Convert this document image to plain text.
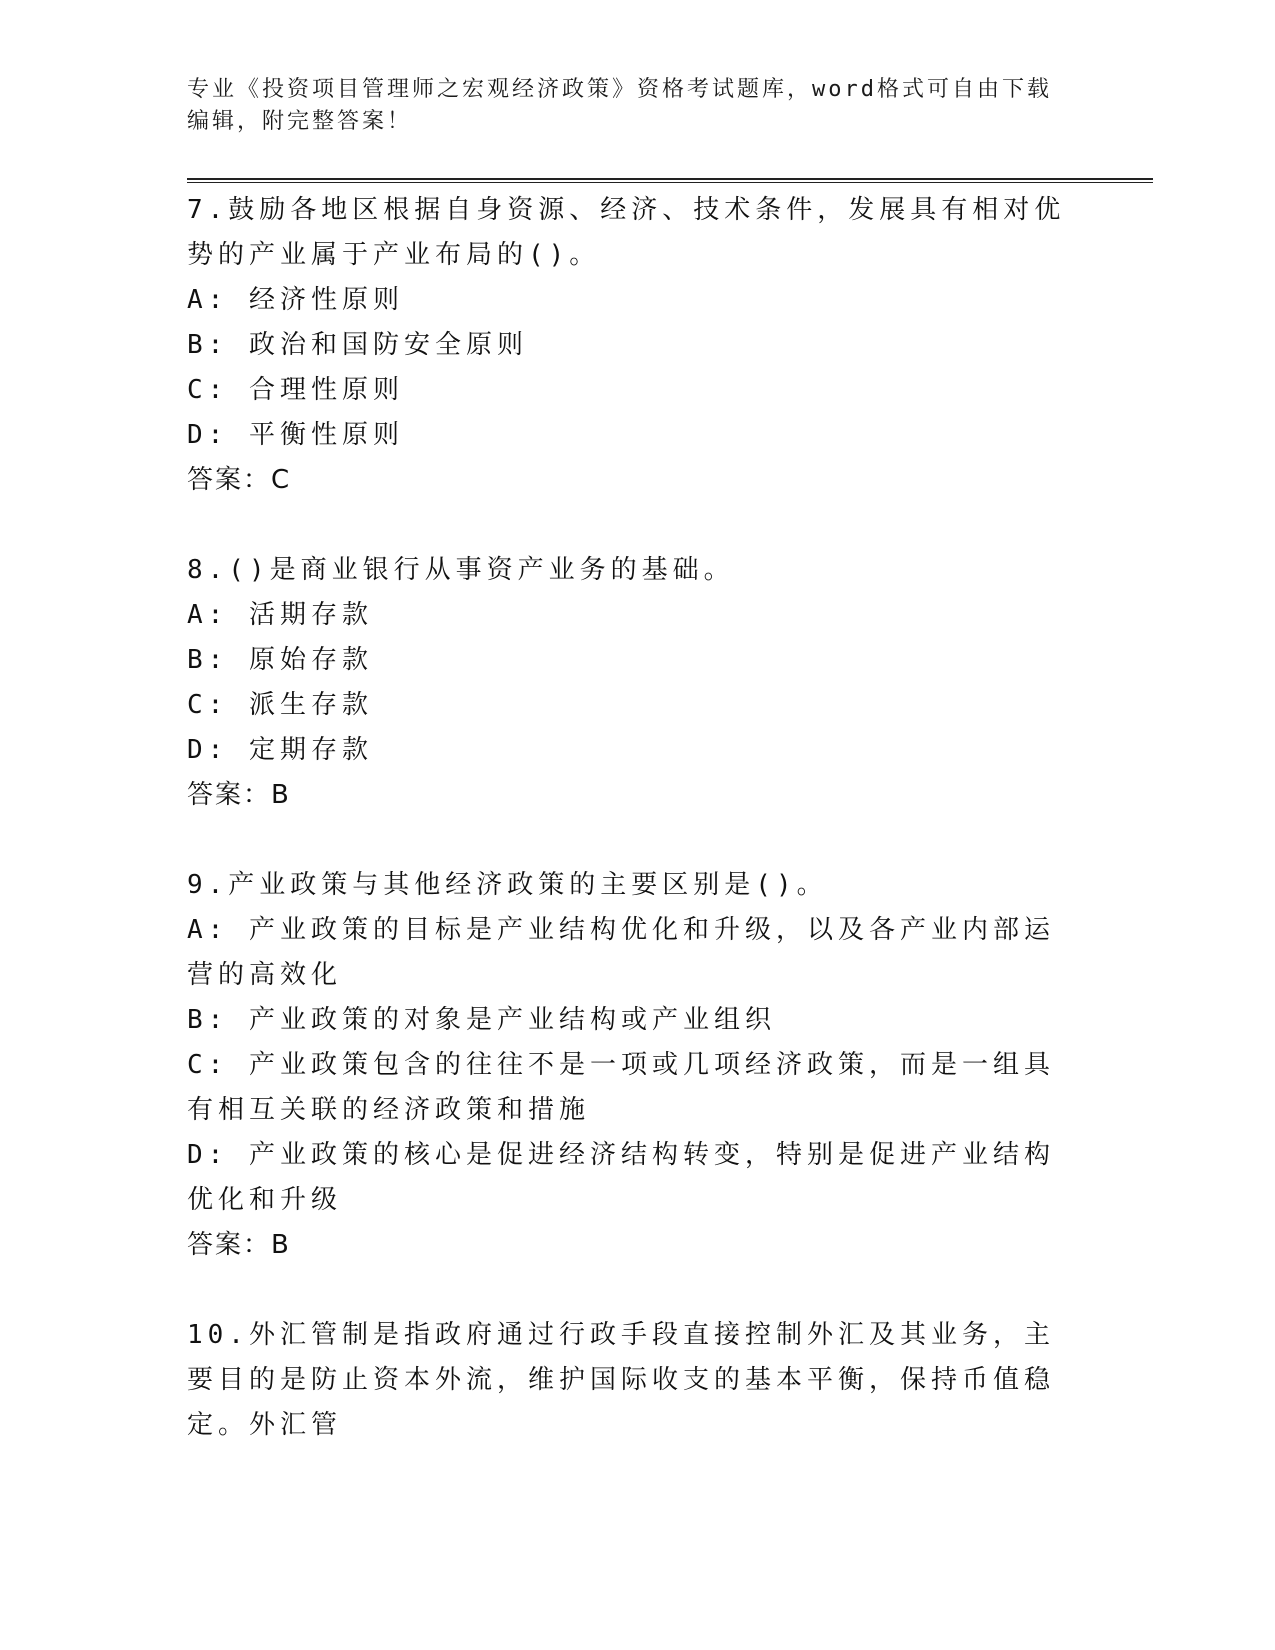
专业《投资项目管理师之宏观经济政策》资格考试题库，word格式可自由下载编辑，附完整答案！
7.鼓励各地区根据自身资源、经济、技术条件，发展具有相对优势的产业属于产业布局的()。
A: 经济性原则
B: 政治和国防安全原则
C: 合理性原则
D: 平衡性原则
答案：C
8.()是商业银行从事资产业务的基础。
A: 活期存款
B: 原始存款
C: 派生存款
D: 定期存款
答案：B
9.产业政策与其他经济政策的主要区别是()。
A: 产业政策的目标是产业结构优化和升级，以及各产业内部运营的高效化
B: 产业政策的对象是产业结构或产业组织
C: 产业政策包含的往往不是一项或几项经济政策，而是一组具有相互关联的经济政策和措施
D: 产业政策的核心是促进经济结构转变，特别是促进产业结构优化和升级
答案：B
10.外汇管制是指政府通过行政手段直接控制外汇及其业务，主要目的是防止资本外流，维护国际收支的基本平衡，保持币值稳定。外汇管
